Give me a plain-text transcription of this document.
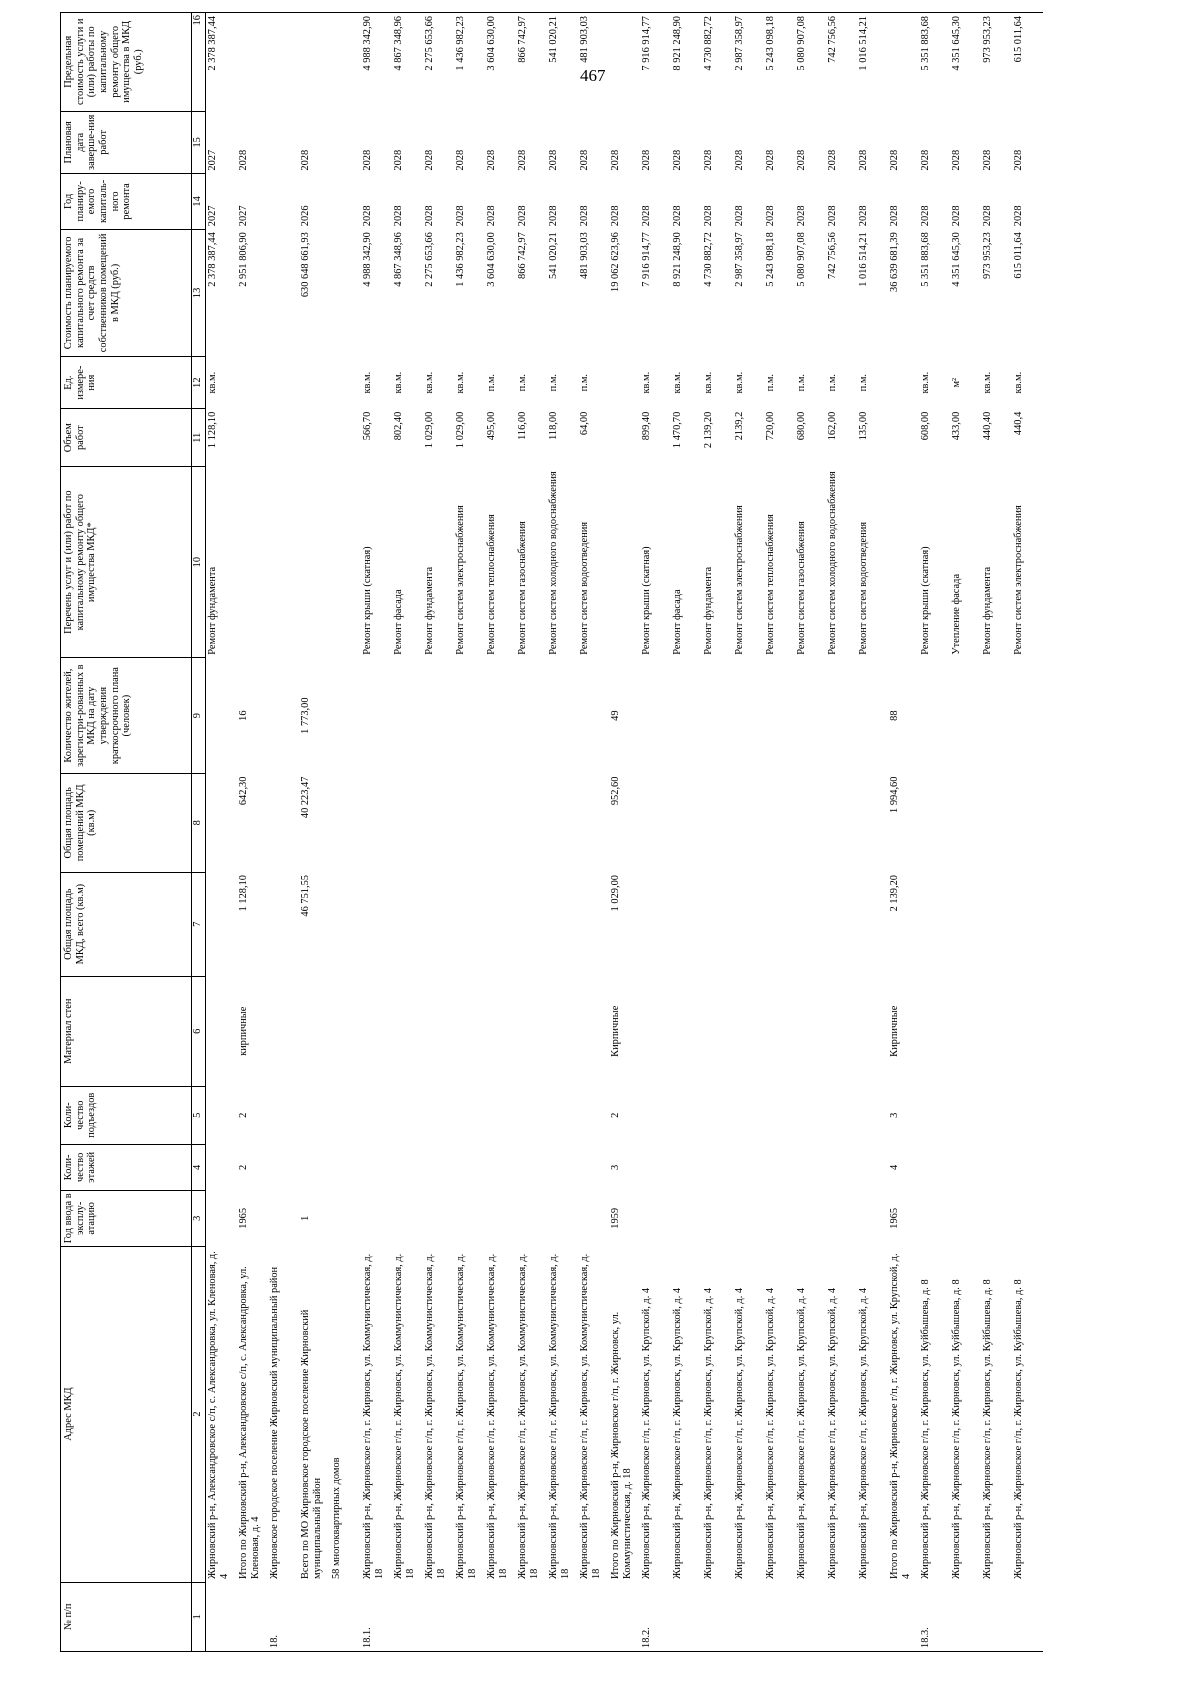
467
№ п/п	Адрес МКД	Год ввода в эксплу-атацию	Коли-чество этажей	Коли-чество подъездов	Материал стен	Общая площадь МКД, всего (кв.м)	Общая площадь помещений МКД (кв.м)	Количество жителей, зарегистри-рованных в МКД на дату утверждения краткосрочного плана (человек)	Перечень услуг и (или) работ по капитальному ремонту общего имущества МКД*	Объем работ	Ед. измере-ния	Стоимость планируемого капитального ремонта за счет средств собственников помещений в МКД (руб.)	Год планиру-емого капиталь-ного ремонта	Плановая дата заверше-ния работ	Предельная стоимость услуги и (или) работы по капитальному ремонту общего имущества в МКД (руб.)
1	2	3	4	5	6	7	8	9	10	11	12	13	14	15	16
	Жирновский р-н, Александровское с/п, с. Александровка, ул. Кленовая, д. 4								Ремонт фундамента	1 128,10	кв.м.	2 378 387,44	2027	2027	2 378 387,44
	Итого по Жирновский р-н, Александровское с/п, с. Александровка, ул. Кленовая, д. 4	1965	2	2	кирпичные	1 128,10	642,30	16				2 951 806,90	2027	2028	
18.	Жирновское городское поселение Жирновский муниципальный район														
	Всего по МО Жирновское городское поселение Жирновский муниципальный район	1				46 751,55	40 223,47	1 773,00				630 648 661,93	2026	2028	
	58 многоквартирных домов														
18.1.	Жирновский р-н, Жирновское г/п, г. Жирновск, ул. Коммунистическая, д. 18								Ремонт крыши (скатная)	566,70	кв.м.	4 988 342,90	2028	2028	4 988 342,90
	Жирновский р-н, Жирновское г/п, г. Жирновск, ул. Коммунистическая, д. 18								Ремонт фасада	802,40	кв.м.	4 867 348,96	2028	2028	4 867 348,96
	Жирновский р-н, Жирновское г/п, г. Жирновск, ул. Коммунистическая, д. 18								Ремонт фундамента	1 029,00	кв.м.	2 275 653,66	2028	2028	2 275 653,66
	Жирновский р-н, Жирновское г/п, г. Жирновск, ул. Коммунистическая, д. 18								Ремонт систем электроснабжения	1 029,00	кв.м.	1 436 982,23	2028	2028	1 436 982,23
	Жирновский р-н, Жирновское г/п, г. Жирновск, ул. Коммунистическая, д. 18								Ремонт систем теплоснабжения	495,00	п.м.	3 604 630,00	2028	2028	3 604 630,00
	Жирновский р-н, Жирновское г/п, г. Жирновск, ул. Коммунистическая, д. 18								Ремонт систем газоснабжения	116,00	п.м.	866 742,97	2028	2028	866 742,97
	Жирновский р-н, Жирновское г/п, г. Жирновск, ул. Коммунистическая, д. 18								Ремонт систем холодного водоснабжения	118,00	п.м.	541 020,21	2028	2028	541 020,21
	Жирновский р-н, Жирновское г/п, г. Жирновск, ул. Коммунистическая, д. 18								Ремонт систем водоотведения	64,00	п.м.	481 903,03	2028	2028	481 903,03
	Итого по Жирновский р-н, Жирновское г/п, г. Жирновск, ул. Коммунистическая, д. 18	1959	3	2	Кирпичные	1 029,00	952,60	49				19 062 623,96	2028	2028	
18.2.	Жирновский р-н, Жирновское г/п, г. Жирновск, ул. Крупской, д. 4								Ремонт крыши (скатная)	899,40	кв.м.	7 916 914,77	2028	2028	7 916 914,77
	Жирновский р-н, Жирновское г/п, г. Жирновск, ул. Крупской, д. 4								Ремонт фасада	1 470,70	кв.м.	8 921 248,90	2028	2028	8 921 248,90
	Жирновский р-н, Жирновское г/п, г. Жирновск, ул. Крупской, д. 4								Ремонт фундамента	2 139,20	кв.м.	4 730 882,72	2028	2028	4 730 882,72
	Жирновский р-н, Жирновское г/п, г. Жирновск, ул. Крупской, д. 4								Ремонт систем электроснабжения	2139,2	кв.м.	2 987 358,97	2028	2028	2 987 358,97
	Жирновский р-н, Жирновское г/п, г. Жирновск, ул. Крупской, д. 4								Ремонт систем теплоснабжения	720,00	п.м.	5 243 098,18	2028	2028	5 243 098,18
	Жирновский р-н, Жирновское г/п, г. Жирновск, ул. Крупской, д. 4								Ремонт систем газоснабжения	680,00	п.м.	5 080 907,08	2028	2028	5 080 907,08
	Жирновский р-н, Жирновское г/п, г. Жирновск, ул. Крупской, д. 4								Ремонт систем холодного водоснабжения	162,00	п.м.	742 756,56	2028	2028	742 756,56
	Жирновский р-н, Жирновское г/п, г. Жирновск, ул. Крупской, д. 4								Ремонт систем водоотведения	135,00	п.м.	1 016 514,21	2028	2028	1 016 514,21
	Итого по Жирновский р-н, Жирновское г/п, г. Жирновск, ул. Крупской, д. 4	1965	4	3	Кирпичные	2 139,20	1 994,60	88				36 639 681,39	2028	2028	
18.3.	Жирновский р-н, Жирновское г/п, г. Жирновск, ул. Куйбышева, д. 8								Ремонт крыши (скатная)	608,00	кв.м.	5 351 883,68	2028	2028	5 351 883,68
	Жирновский р-н, Жирновское г/п, г. Жирновск, ул. Куйбышева, д. 8								Утепление фасада	433,00	м²	4 351 645,30	2028	2028	4 351 645,30
	Жирновский р-н, Жирновское г/п, г. Жирновск, ул. Куйбышева, д. 8								Ремонт фундамента	440,40	кв.м.	973 953,23	2028	2028	973 953,23
	Жирновский р-н, Жирновское г/п, г. Жирновск, ул. Куйбышева, д. 8								Ремонт систем электроснабжения	440,4	кв.м.	615 011,64	2028	2028	615 011,64
